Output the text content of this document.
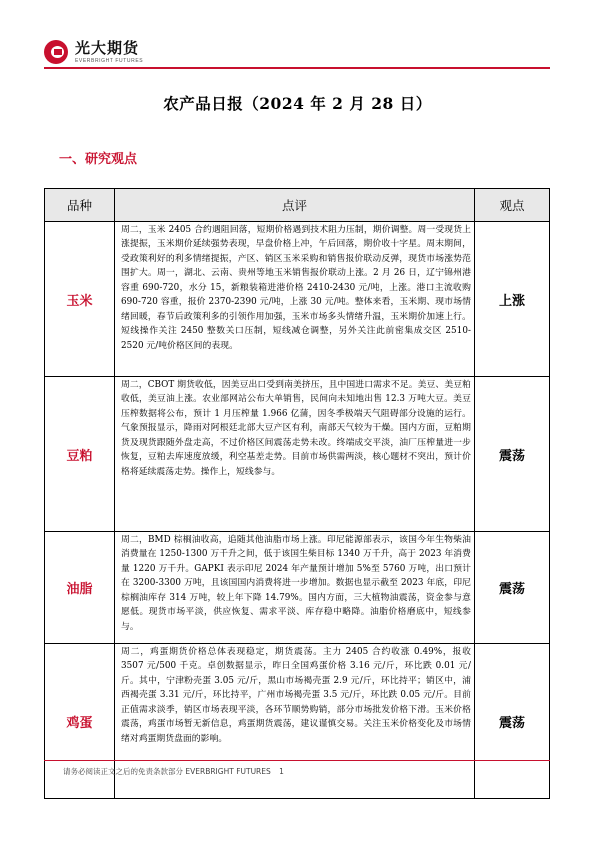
光大期货
EVERBRIGHT FUTURES
农产品日报（2024 年 2 月 28 日）
一、研究观点
品种	点评	观点
玉米	周二，玉米 2405 合约遇阻回落，短期价格遇到技术阻力压制，期价调整。周一受现货上涨提振，玉米期价延续强势表现，早盘价格上冲，午后回落，期价收十字星。周末期间，受政策利好的利多情绪提振，产区、销区玉米采购和销售报价联动反弹，现货市场涨势范围扩大。周一，湖北、云南、贵州等地玉米销售报价联动上涨。2 月 26 日，辽宁锦州港容重 690-720，水分 15，新粮装箱进港价格 2410-2430 元/吨，上涨。港口主流收购 690-720 容重，报价 2370-2390 元/吨，上涨 30 元/吨。整体来看，玉米期、现市场情绪回暖，春节后政策利多的引领作用加强，玉米市场多头情绪升温，玉米期价加速上行。短线操作关注 2450 整数关口压制，短线减仓调整，另外关注此前密集成交区 2510-2520 元/吨价格区间的表现。	上涨
豆粕	周二，CBOT 期货收低，因美豆出口受到南美挤压，且中国进口需求不足。美豆、美豆粕收低，美豆油上涨。农业部网站公布大单销售，民间向未知地出售 12.3 万吨大豆。美豆压榨数据将公布，预计 1 月压榨量 1.966 亿蒲，因冬季极端天气阻碍部分设施的运行。气象预报显示，降雨对阿根廷北部大豆产区有利，南部天气较为干燥。国内方面，豆粕期货及现货跟随外盘走高，不过价格区间震荡走势未改。终端成交平淡，油厂压榨量进一步恢复，豆粕去库速度放缓，利空基差走势。目前市场供需两淡，核心题材不突出，预计价格将延续震荡走势。操作上，短线参与。	震荡
油脂	周二，BMD 棕榈油收高，追随其他油脂市场上涨。印尼能源部表示，该国今年生物柴油消费量在 1250-1300 万千升之间，低于该国生柴目标 1340 万千升，高于 2023 年消费量 1220 万千升。GAPKI 表示印尼 2024 年产量预计增加 5%至 5760 万吨，出口预计在 3200-3300 万吨，且该国国内消费将进一步增加。数据也显示截至 2023 年底，印尼棕榈油库存 314 万吨，较上年下降 14.79%。国内方面，三大植物油震荡，资金参与意愿低。现货市场平淡，供应恢复、需求平淡、库存稳中略降。油脂价格磨底中，短线参与。	震荡
鸡蛋	周二，鸡蛋期货价格总体表现稳定，期货震荡。主力 2405 合约收涨 0.49%，报收 3507 元/500 千克。卓创数据显示，昨日全国鸡蛋价格 3.16 元/斤，环比跌 0.01 元/斤。其中，宁津粉壳蛋 3.05 元/斤，黑山市场褐壳蛋 2.9 元/斤，环比持平；销区中，浦西褐壳蛋 3.31 元/斤，环比持平，广州市场褐壳蛋 3.5 元/斤，环比跌 0.05 元/斤。目前正值需求淡季，销区市场表现平淡，各环节顺势购销，部分市场批发价格下滑。玉米价格震荡，鸡蛋市场暂无新信息，鸡蛋期货震荡，建议谨慎交易。关注玉米价格变化及市场情绪对鸡蛋期货盘面的影响。	震荡
请务必阅读正文之后的免责条款部分 EVERBRIGHT FUTURES 1
